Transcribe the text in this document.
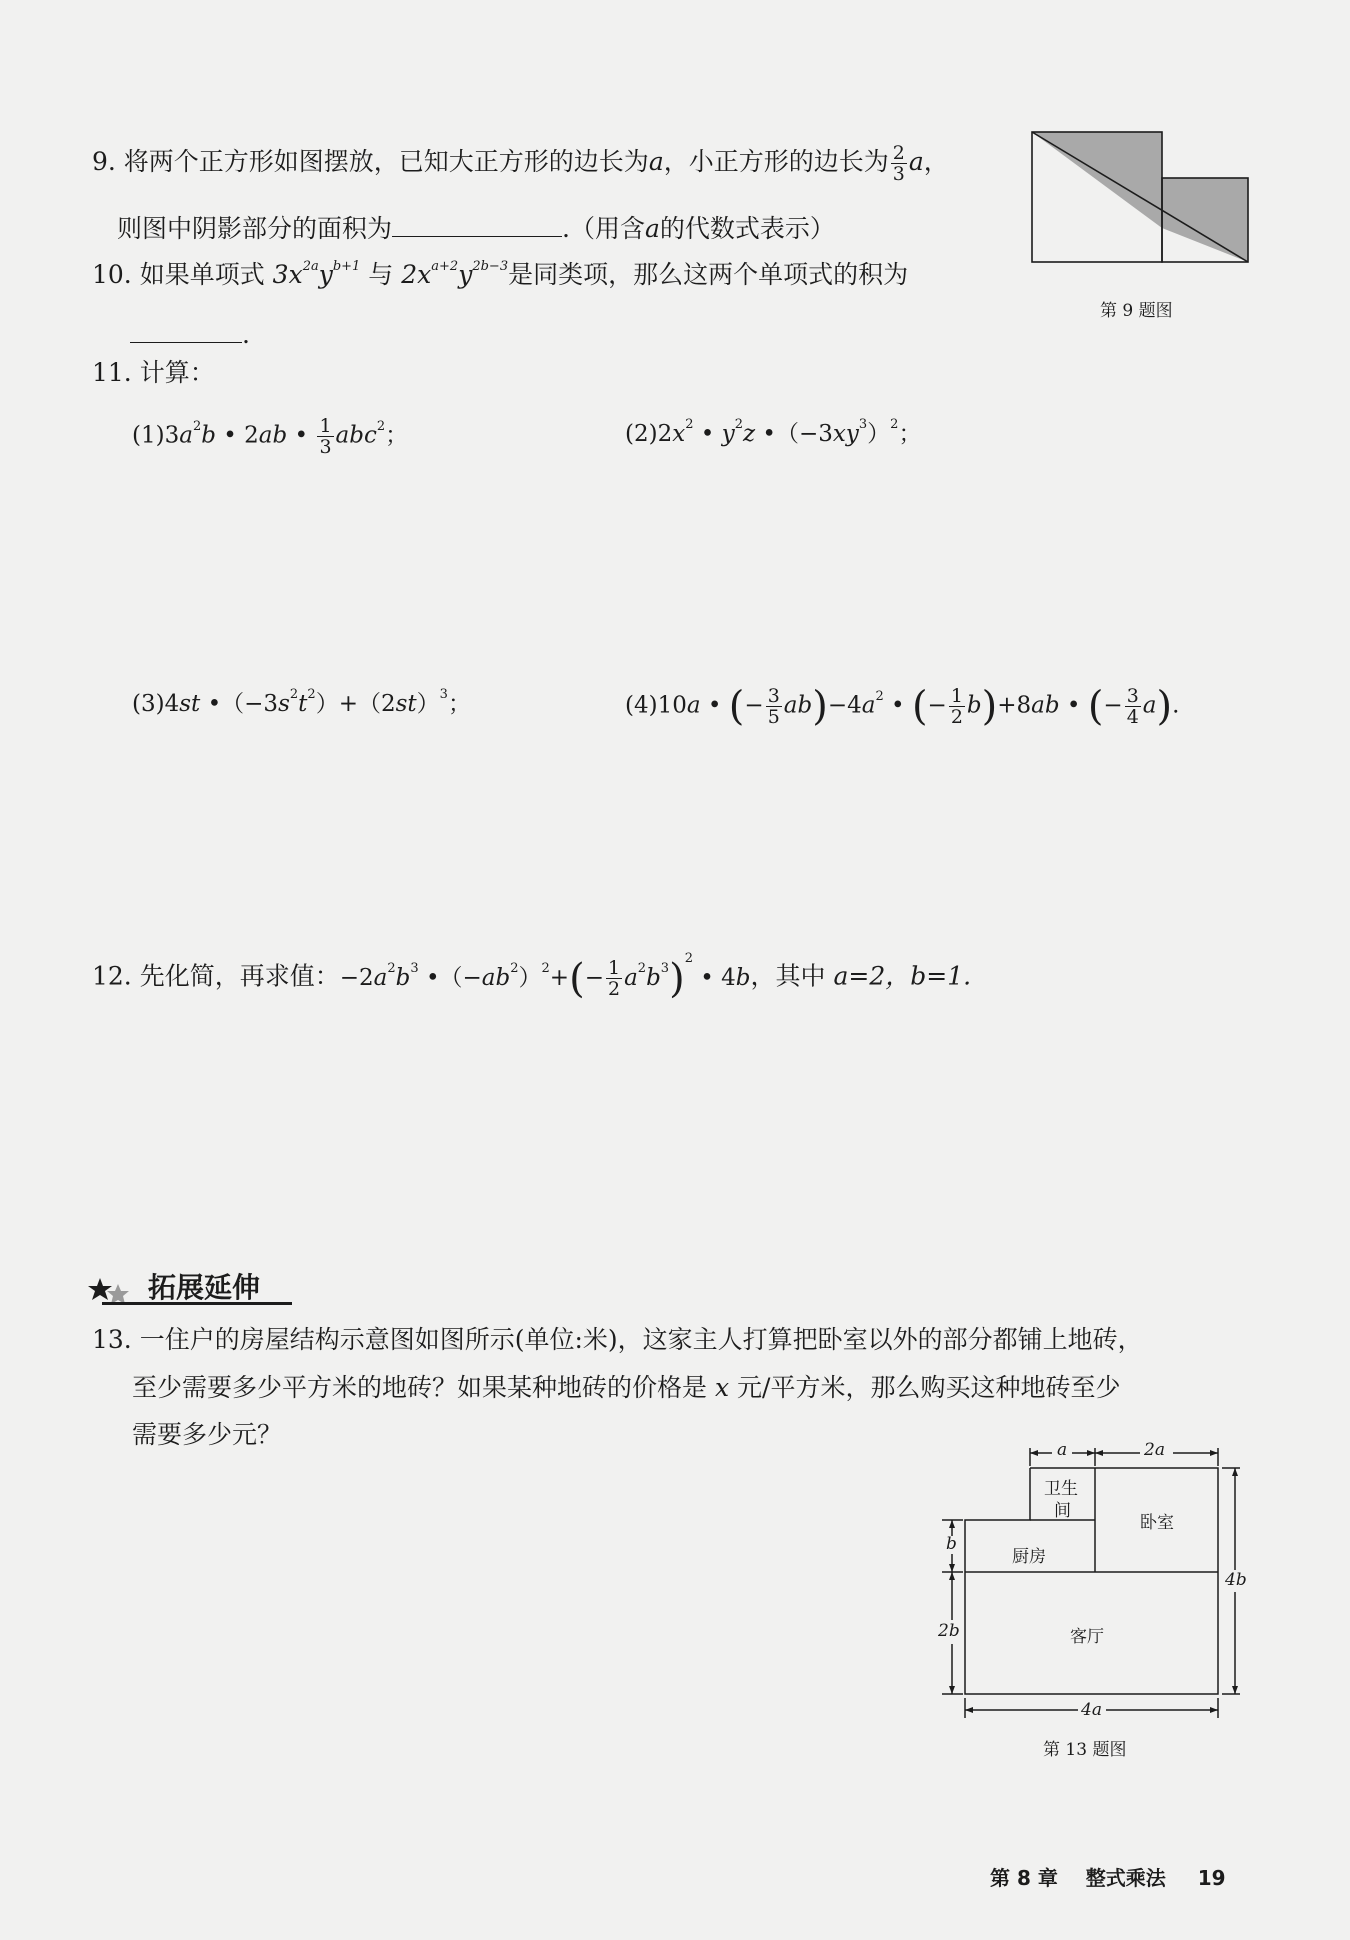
9. 将两个正方形如图摆放，已知大正方形的边长为a，小正方形的边长为 $\frac{2}{3}$ a，
则图中阴影部分的面积为	.（用含a的代数式表示）
第 9 题图
10. 如果单项式 $3x^{2a}y^{b+1}$ 与 $2x^{a+2}y^{2b-3}$是同类项，那么这两个单项式的积为
.
11. 计算：
$(1)3a^2b$ • 2ab • $\frac{1}{3} abc^2$；	$(2)2x^2$ • $y^2z$ $•(-3xy^3)^2$；
(3)4st $•(-3s^2t^2)+(2st)^3$；	(4)10a • (− $\frac{3}{5} ab)-4a^2$ • (− $\frac{1}{2} b)+8ab$ • (− $\frac{3}{4} a$).
12. 先化简，再求值：$-2a^2b^3$ $•(-ab^2)^2+(- \frac{1}{2} a^2b^3)^2$ • 4b，其中 a=2，b=1.
拓展延伸
13. 一住户的房屋结构示意图如图所示(单位:米)，这家主人打算把卧室以外的部分都铺上地砖，
至少需要多少平方米的地砖？如果某种地砖的价格是 x 元/平方米，那么购买这种地砖至少
需要多少元？
a	2a
4b
b
2b
4a
卫生
间
卧室
厨房
客厅
第 13 题图
第 8 章 整式乘法 19
